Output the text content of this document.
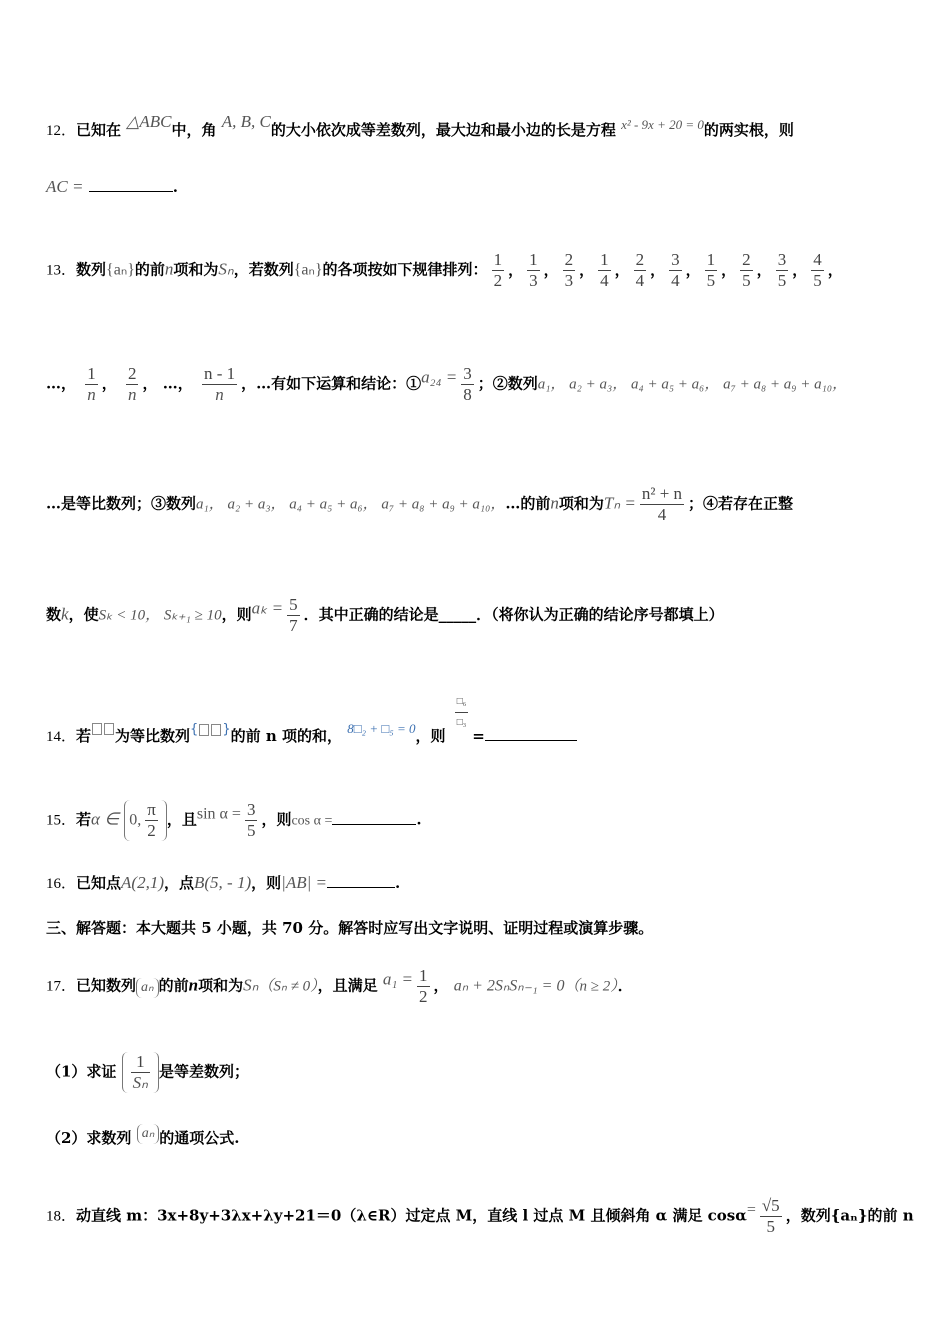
12．已知在 △ABC中，角 A, B, C的大小依次成等差数列，最大边和最小边的长是方程 x² - 9x + 20 = 0的两实根，则
AC =	.
13．数列{aₙ}的前n项和为Sₙ，若数列{aₙ}的各项按如下规律排列： $\frac{1}{2}$ ， $\frac{1}{3}$ ， $\frac{2}{3}$ ， $\frac{1}{4}$ ， $\frac{2}{4}$ ， $\frac{3}{4}$ ， $\frac{1}{5}$ ， $\frac{2}{5}$ ， $\frac{3}{5}$ ， $\frac{4}{5}$ ，
…， $\frac{1}{n}$ ， $\frac{2}{n}$ ， …， $\frac{n - 1}{n}$ ，…有如下运算和结论：①a₂₄ = $\frac{3}{8}$ ；②数列a₁， a₂ + a₃， a₄ + a₅ + a₆， a₇ + a₈ + a₉ + a₁₀，
…是等比数列；③数列a₁， a₂ + a₃， a₄ + a₅ + a₆， a₇ + a₈ + a₉ + a₁₀，…的前n项和为$T_n = \frac{\text{n² + n}}{4}$ ；④若存在正整
数k，使Sₖ < 10， Sₖ₊₁ ≥ 10，则$a_k = \frac{5}{7}$ ．其中正确的结论是_____．（将你认为正确的结论序号都填上）
14．若 为等比数列{ }的前 n 项的和， 8□₂ + □₅ = 0，则
$\frac{\text{□₆}}{\text{□₃}}$
=
15．若α ∈ 0, $\frac{\pi}{2}$ ，且$\sin \alpha = \frac{3}{5}$ ，则cos α =	.
16．已知点A(2,1)，点B(5, - 1)，则|AB| =	.
三、解答题：本大题共 5 小题，共 70 分。解答时应写出文字说明、证明过程或演算步骤。
17．已知数列 aₙ 的前n项和为Sₙ（Sₙ ≠ 0），且满足 $a_1 = \frac{1}{2}$ ， aₙ + 2SₙSₙ₋₁ = 0（n ≥ 2）．
（1）求证 $\frac{1}{\text{Sₙ}}$ 是等差数列；
（2）求数列 aₙ 的通项公式.
18．动直线 m：3x+8y+3λx+λy+21＝0（λ∈R）过定点 M，直线 l 过点 M 且倾斜角 α 满足 $\cos\alpha= \frac{√5}{5}$ ，数列{aₙ}的前 n
